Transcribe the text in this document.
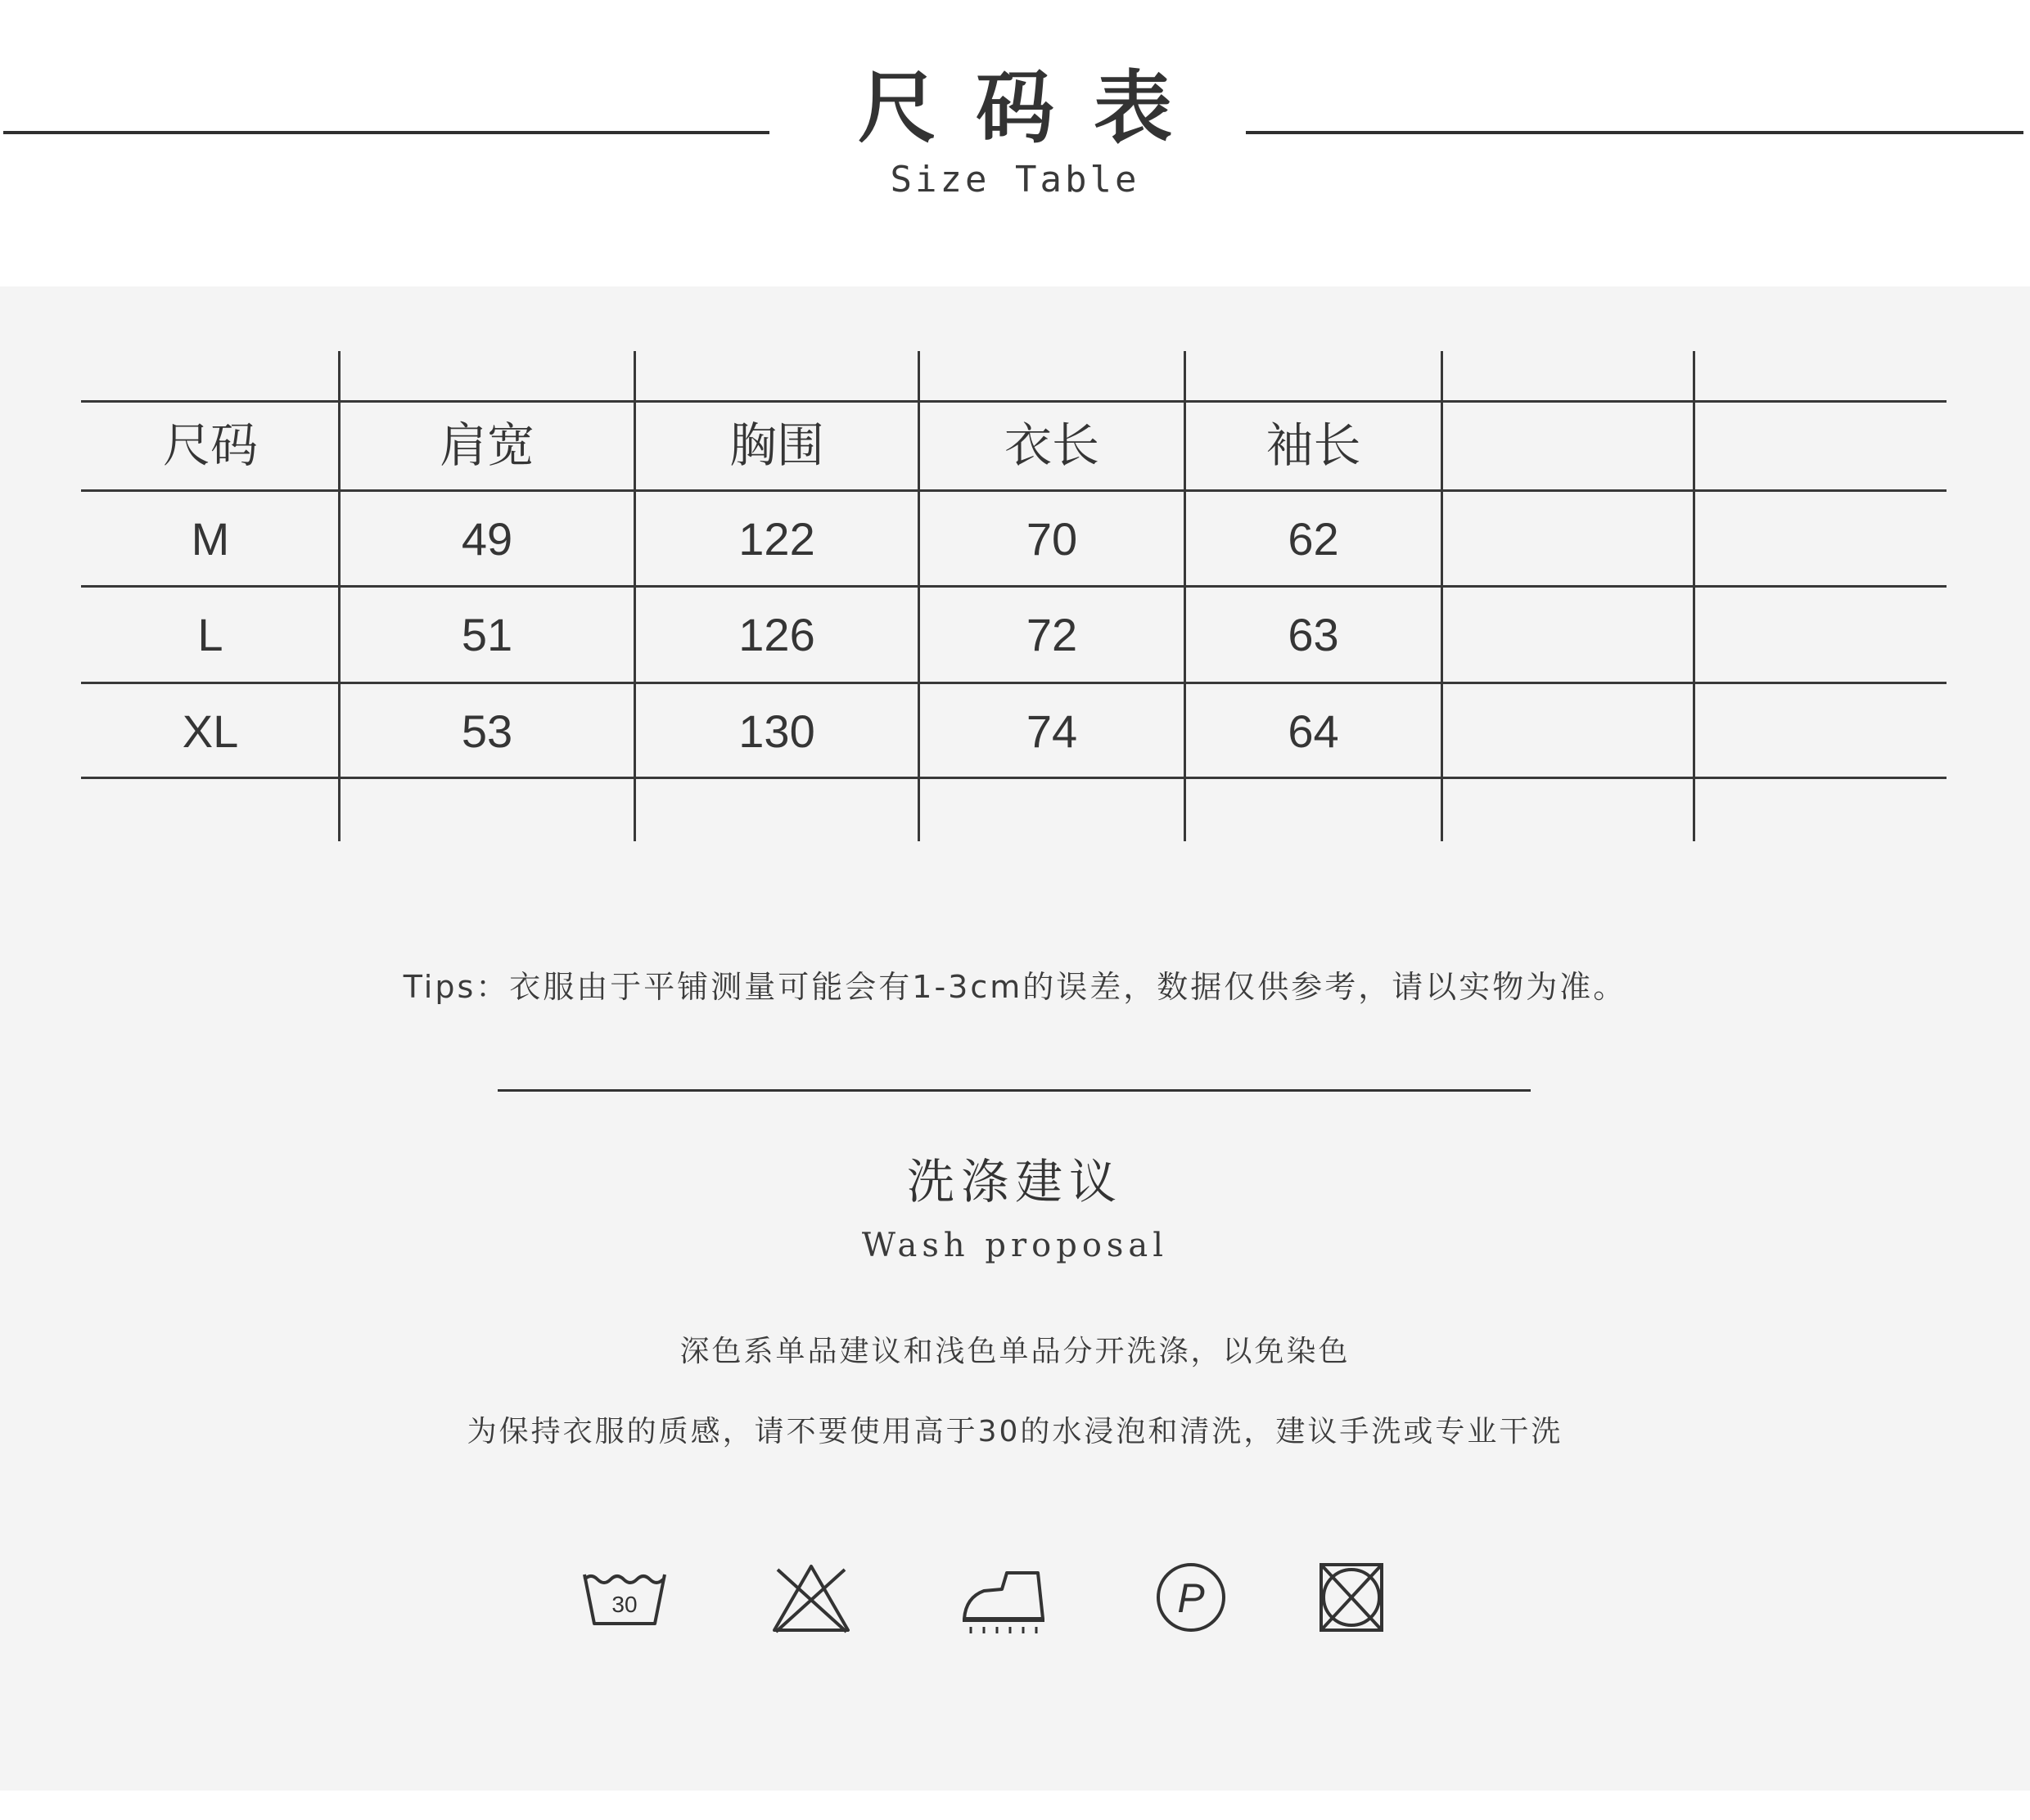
尺码表
Size Table
尺码	肩宽	胸围	衣长	袖长
M	49	122	70	62
L	51	126	72	63
XL	53	130	74	64
Tips：衣服由于平铺测量可能会有1-3cm的误差，数据仅供参考，请以实物为准。
洗涤建议
Wash proposal
深色系单品建议和浅色单品分开洗涤，以免染色
为保持衣服的质感，请不要使用高于30的水浸泡和清洗，建议手洗或专业干洗
30	P
